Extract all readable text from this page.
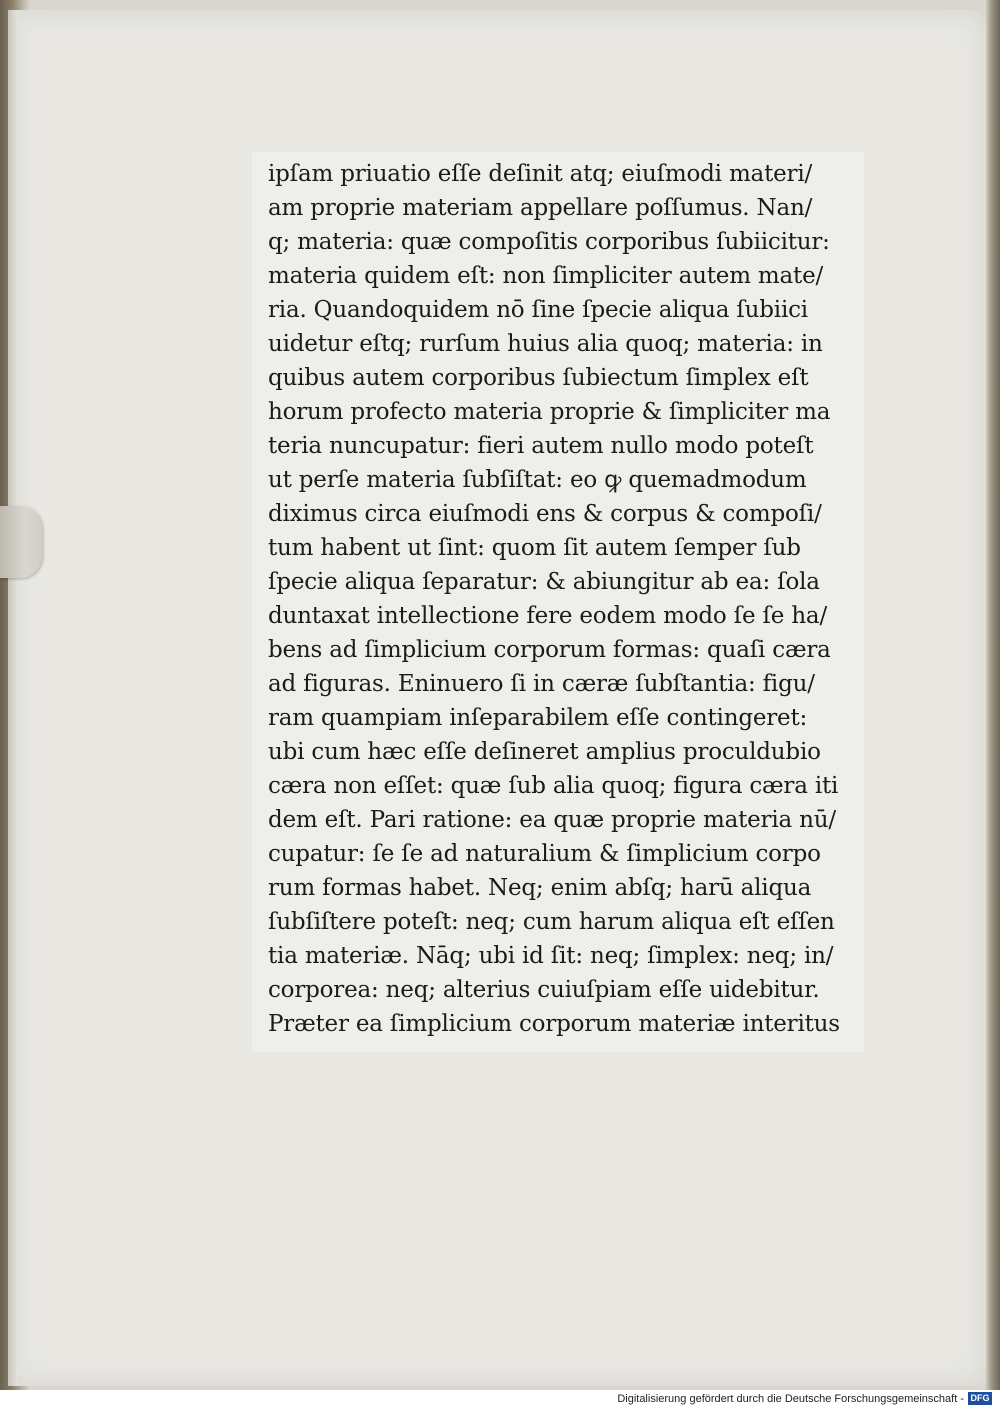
ipſam priuatio eſſe deſinit atq; eiuſmodi materi/
am proprie materiam appellare poſſumus. Nan/
q; materia: quæ compoſitis corporibus ſubiicitur:
materia quidem eſt: non ſimpliciter autem mate/
ria. Quandoquidem nō ſine ſpecie aliqua ſubiici
uidetur eſtq; rurſum huius alia quoq; materia: in
quibus autem corporibus ſubiectum ſimplex eſt
horum profecto materia proprie & ſimpliciter ma
teria nuncupatur: fieri autem nullo modo poteſt
ut perſe materia ſubſiſtat: eo ꝙ quemadmodum
diximus circa eiuſmodi ens & corpus & compoſi/
tum habent ut ſint: quom ſit autem ſemper ſub
ſpecie aliqua ſeparatur: & abiungitur ab ea: ſola
duntaxat intellectione fere eodem modo ſe ſe ha/
bens ad ſimplicium corporum formas: quaſi cæra
ad figuras. Eninuero ſi in cæræ ſubſtantia: figu/
ram quampiam inſeparabilem eſſe contingeret:
ubi cum hæc eſſe deſineret amplius proculdubio
cæra non eſſet: quæ ſub alia quoq; figura cæra iti
dem eſt. Pari ratione: ea quæ proprie materia nū/
cupatur: ſe ſe ad naturalium & ſimplicium corpo
rum formas habet. Neq; enim abſq; harū aliqua
ſubſiſtere poteſt: neq; cum harum aliqua eſt eſſen
tia materiæ. Nāq; ubi id ſit: neq; ſimplex: neq; in/
corporea: neq; alterius cuiuſpiam eſſe uidebitur.
Præter ea ſimplicium corporum materiæ interitus
Digitalisierung gefördert durch die Deutsche Forschungsgemeinschaft - DFG
